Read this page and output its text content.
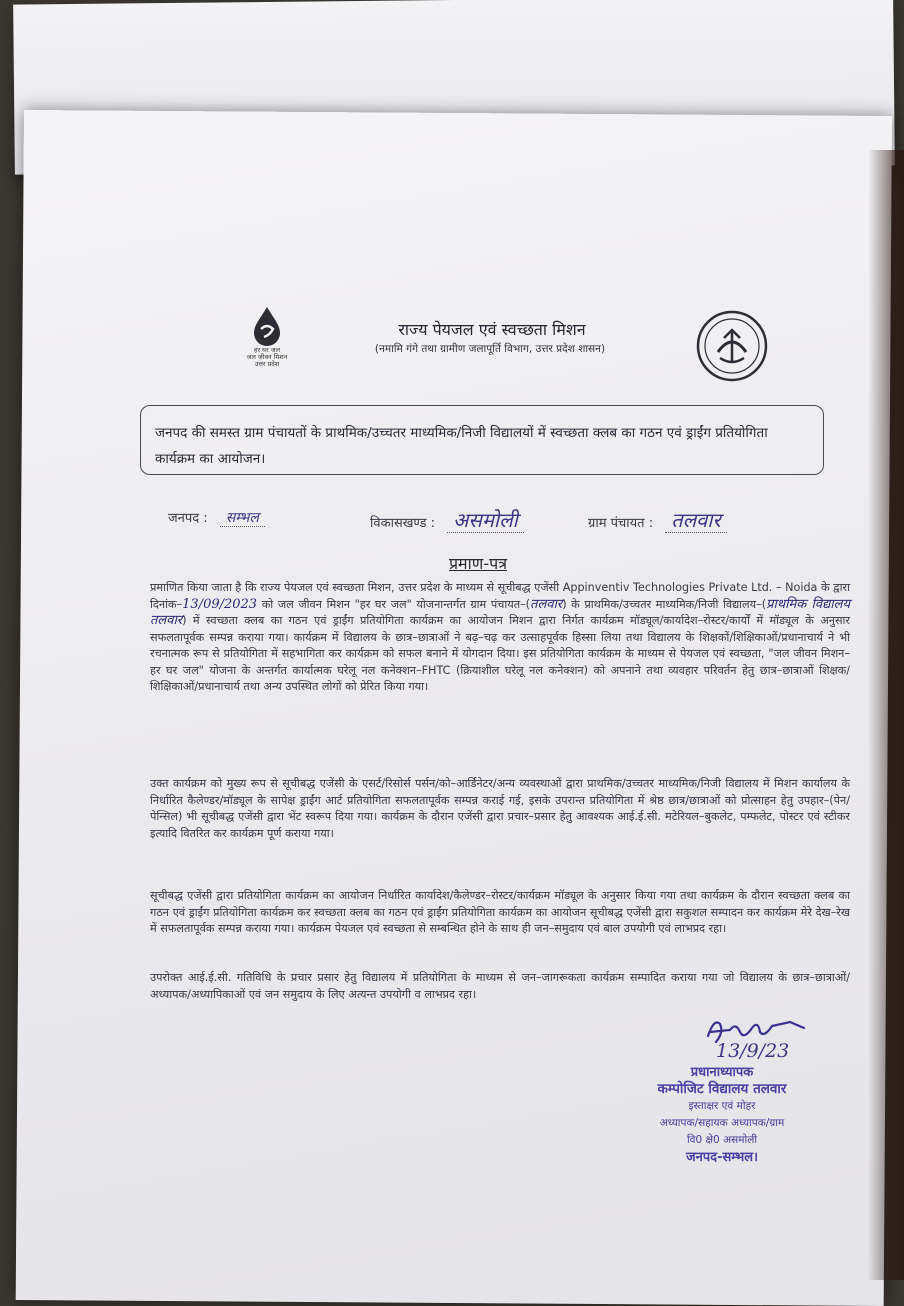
हर घर जल
जल जीवन मिशन
उत्तर प्रदेश
राज्य पेयजल एवं स्वच्छता मिशन
(नमामि गंगे तथा ग्रामीण जलापूर्ति विभाग, उत्तर प्रदेश शासन)
जनपद की समस्त ग्राम पंचायतों के प्राथमिक/उच्चतर माध्यमिक/निजी विद्यालयों में स्वच्छता क्लब का गठन एवं ड्राईंग प्रतियोगिता कार्यक्रम का आयोजन।
जनपद : सम्भल	विकासखण्ड : असमोली	ग्राम पंचायत : तलवार
प्रमाण-पत्र
प्रमाणित किया जाता है कि राज्य पेयजल एवं स्वच्छता मिशन, उत्तर प्रदेश के माध्यम से सूचीबद्ध एजेंसी Appinventiv Technologies Private Ltd. – Noida के द्वारा दिनांक–13/09/2023 को जल जीवन मिशन "हर घर जल" योजनान्तर्गत ग्राम पंचायत–(तलवार) के प्राथमिक/उच्चतर माध्यमिक/निजी विद्यालय–(प्राथमिक विद्यालय तलवार) में स्वच्छता क्लब का गठन एवं ड्राईंग प्रतियोगिता कार्यक्रम का आयोजन मिशन द्वारा निर्गत कार्यक्रम मॉड्यूल/कार्यादेश–रोस्टर/कार्यों में मॉड्यूल के अनुसार सफलतापूर्वक सम्पन्न कराया गया। कार्यक्रम में विद्यालय के छात्र–छात्राओं ने बढ़–चढ़ कर उत्साहपूर्वक हिस्सा लिया तथा विद्यालय के शिक्षकों/शिक्षिकाओं/प्रधानाचार्य ने भी रचनात्मक रूप से प्रतियोगिता में सहभागिता कर कार्यक्रम को सफल बनाने में योगदान दिया। इस प्रतियोगिता कार्यक्रम के माध्यम से पेयजल एवं स्वच्छता, "जल जीवन मिशन–हर घर जल" योजना के अन्तर्गत कार्यात्मक घरेलू नल कनेक्शन–FHTC (क्रियाशील घरेलू नल कनेक्शन) को अपनाने तथा व्यवहार परिवर्तन हेतु छात्र–छात्राओं शिक्षक/शिक्षिकाओं/प्रधानाचार्य तथा अन्य उपस्थित लोगों को प्रेरित किया गया।
उक्त कार्यक्रम को मुख्य रूप से सूचीबद्ध एजेंसी के एसर्ट/रिसोर्स पर्सन/को–आर्डिनेटर/अन्य व्यवस्थाओं द्वारा प्राथमिक/उच्चतर माध्यमिक/निजी विद्यालय में मिशन कार्यालय के निर्धारित कैलेण्डर/मॉड्यूल के सापेक्ष ड्राईंग आर्ट प्रतियोगिता सफलतापूर्वक सम्पन्न कराई गई, इसके उपरान्त प्रतियोगिता में श्रेष्ठ छात्र/छात्राओं को प्रोत्साहन हेतु उपहार–(पेन/पेन्सिल) भी सूचीबद्ध एजेंसी द्वारा भेंट स्वरूप दिया गया। कार्यक्रम के दौरान एजेंसी द्वारा प्रचार–प्रसार हेतु आवश्यक आई.ई.सी. मटेरियल–बुकलेट, पम्फलेट, पोस्टर एवं स्टीकर इत्यादि वितरित कर कार्यक्रम पूर्ण कराया गया।
सूचीबद्ध एजेंसी द्वारा प्रतियोगिता कार्यक्रम का आयोजन निर्धारित कार्यादेश/कैलेण्डर–रोस्टर/कार्यक्रम मॉड्यूल के अनुसार किया गया तथा कार्यक्रम के दौरान स्वच्छता क्लब का गठन एवं ड्राईंग प्रतियोगिता कार्यक्रम कर स्वच्छता क्लब का गठन एवं ड्राईंग प्रतियोगिता कार्यक्रम का आयोजन सूचीबद्ध एजेंसी द्वारा सकुशल सम्पादन कर कार्यक्रम मेरे देख–रेख में सफलतापूर्वक सम्पन्न कराया गया। कार्यक्रम पेयजल एवं स्वच्छता से सम्बन्धित होने के साथ ही जन–समुदाय एवं बाल उपयोगी एवं लाभप्रद रहा।
उपरोक्त आई.ई.सी. गतिविधि के प्रचार प्रसार हेतु विद्यालय में प्रतियोगिता के माध्यम से जन–जागरूकता कार्यक्रम सम्पादित कराया गया जो विद्यालय के छात्र–छात्राओं/अध्यापक/अध्यापिकाओं एवं जन समुदाय के लिए अत्यन्त उपयोगी व लाभप्रद रहा।
13/9/23
प्रधानाध्यापक
कम्पोजिट विद्यालय तलवार
इस्ताक्षर एवं मोहर
अध्यापक/सहायक अध्यापक/ग्राम
वि0 क्षे0 असमोली
जनपद-सम्भल।
